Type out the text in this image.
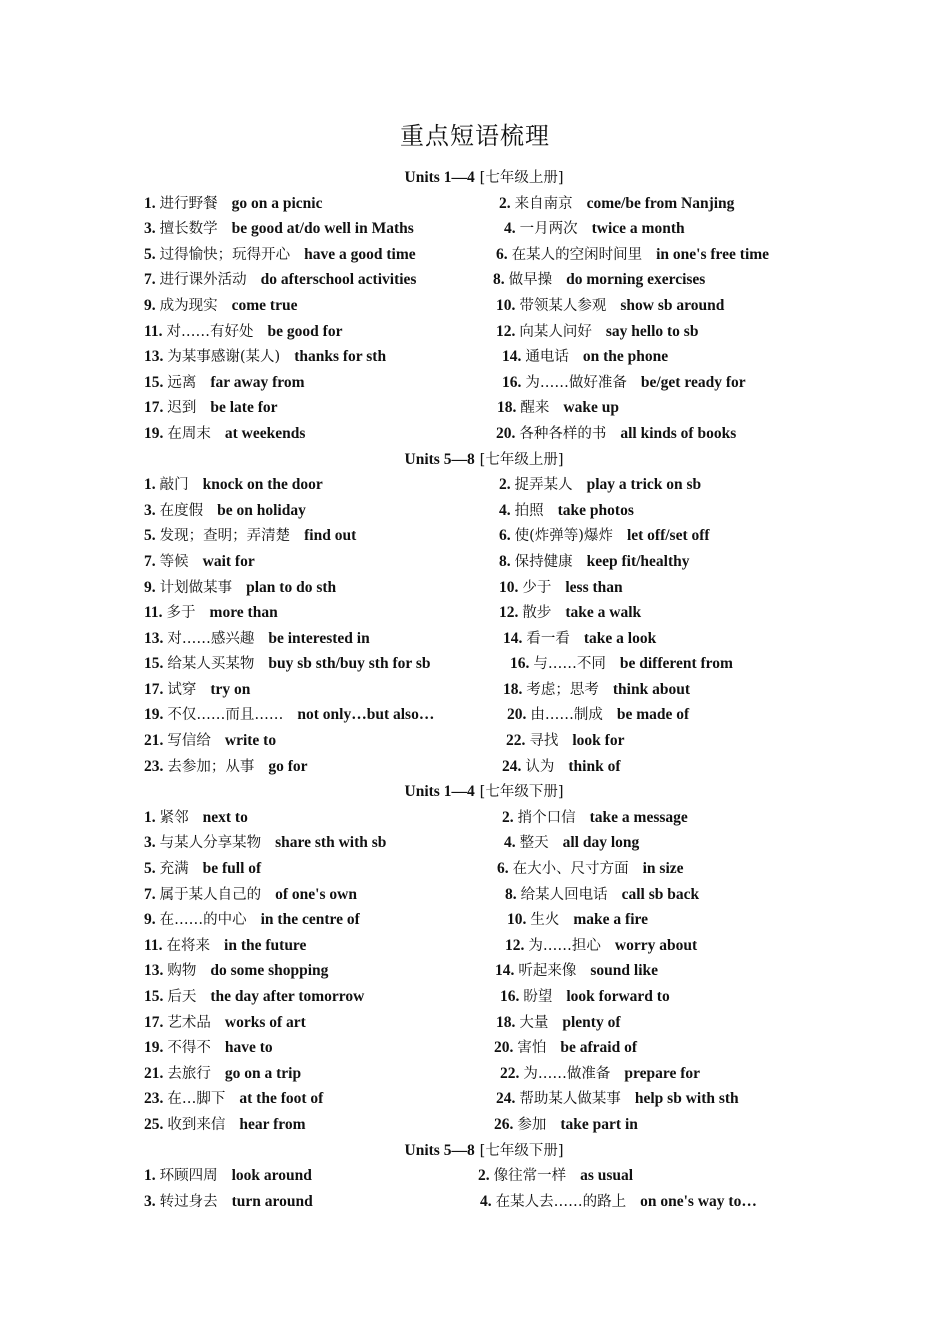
重点短语梳理
Units 1—4 [七年级上册]
1. 进行野餐 go on a picnic	2. 来自南京 come/be from Nanjing
3. 擅长数学 be good at/do well in Maths	4. 一月两次 twice a month
5. 过得愉快；玩得开心 have a good time	6. 在某人的空闲时间里 in one's free time
7. 进行课外活动 do afterschool activities	8. 做早操 do morning exercises
9. 成为现实 come true	10. 带领某人参观 show sb around
11. 对……有好处 be good for	12. 向某人问好 say hello to sb
13. 为某事感谢(某人) thanks for sth	14. 通电话 on the phone
15. 远离 far away from	16. 为……做好准备 be/get ready for
17. 迟到 be late for	18. 醒来 wake up
19. 在周末 at weekends	20. 各种各样的书 all kinds of books
Units 5—8 [七年级上册]
1. 敲门 knock on the door	2. 捉弄某人 play a trick on sb
3. 在度假 be on holiday	4. 拍照 take photos
5. 发现；查明；弄清楚 find out	6. 使(炸弹等)爆炸 let off/set off
7. 等候 wait for	8. 保持健康 keep fit/healthy
9. 计划做某事 plan to do sth	10. 少于 less than
11. 多于 more than	12. 散步 take a walk
13. 对……感兴趣 be interested in	14. 看一看 take a look
15. 给某人买某物 buy sb sth/buy sth for sb	16. 与……不同 be different from
17. 试穿 try on	18. 考虑；思考 think about
19. 不仅……而且…… not only…but also…	20. 由……制成 be made of
21. 写信给 write to	22. 寻找 look for
23. 去参加；从事 go for	24. 认为 think of
Units 1—4 [七年级下册]
1. 紧邻 next to	2. 捎个口信 take a message
3. 与某人分享某物 share sth with sb	4. 整天 all day long
5. 充满 be full of	6. 在大小、尺寸方面 in size
7. 属于某人自己的 of one's own	8. 给某人回电话 call sb back
9. 在……的中心 in the centre of	10. 生火 make a fire
11. 在将来 in the future	12. 为……担心 worry about
13. 购物 do some shopping	14. 听起来像 sound like
15. 后天 the day after tomorrow	16. 盼望 look forward to
17. 艺术品 works of art	18. 大量 plenty of
19. 不得不 have to	20. 害怕 be afraid of
21. 去旅行 go on a trip	22. 为……做准备 prepare for
23. 在…脚下 at the foot of	24. 帮助某人做某事 help sb with sth
25. 收到来信 hear from	26. 参加 take part in
Units 5—8 [七年级下册]
1. 环顾四周 look around	2. 像往常一样 as usual
3. 转过身去 turn around	4. 在某人去……的路上 on one's way to…
